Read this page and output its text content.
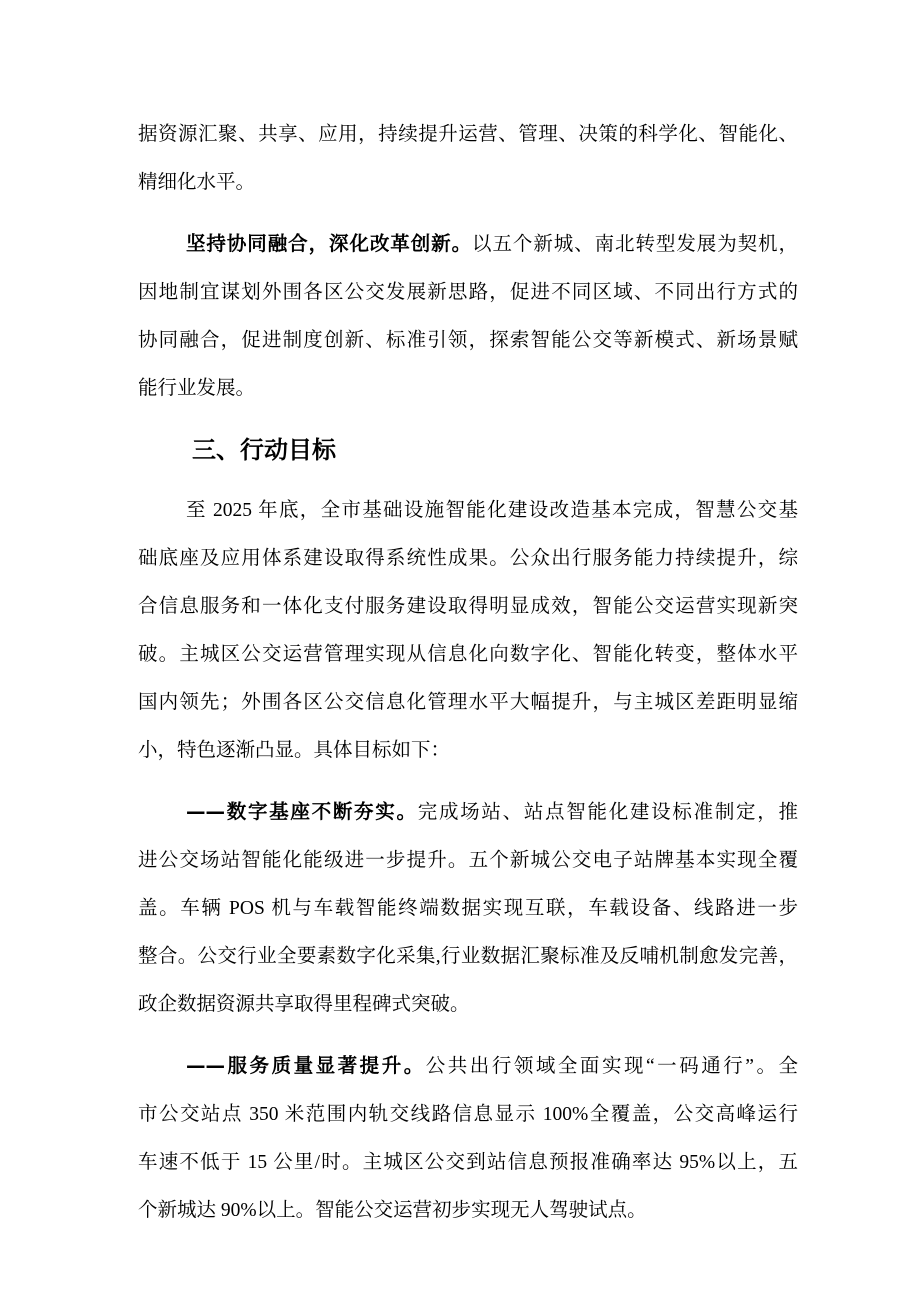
据资源汇聚、共享、应用，持续提升运营、管理、决策的科学化、智能化、
精细化水平。
坚持协同融合，深化改革创新。以五个新城、南北转型发展为契机，
因地制宜谋划外围各区公交发展新思路，促进不同区域、不同出行方式的
协同融合，促进制度创新、标准引领，探索智能公交等新模式、新场景赋
能行业发展。
三、行动目标
至 2025 年底，全市基础设施智能化建设改造基本完成，智慧公交基
础底座及应用体系建设取得系统性成果。公众出行服务能力持续提升，综
合信息服务和一体化支付服务建设取得明显成效，智能公交运营实现新突
破。主城区公交运营管理实现从信息化向数字化、智能化转变，整体水平
国内领先；外围各区公交信息化管理水平大幅提升，与主城区差距明显缩
小，特色逐渐凸显。具体目标如下：
——数字基座不断夯实。完成场站、站点智能化建设标准制定，推
进公交场站智能化能级进一步提升。五个新城公交电子站牌基本实现全覆
盖。车辆 POS 机与车载智能终端数据实现互联，车载设备、线路进一步
整合。公交行业全要素数字化采集,行业数据汇聚标准及反哺机制愈发完善，
政企数据资源共享取得里程碑式突破。
——服务质量显著提升。公共出行领域全面实现“一码通行”。全
市公交站点 350 米范围内轨交线路信息显示 100%全覆盖，公交高峰运行
车速不低于 15 公里/时。主城区公交到站信息预报准确率达 95%以上，五
个新城达 90%以上。智能公交运营初步实现无人驾驶试点。
